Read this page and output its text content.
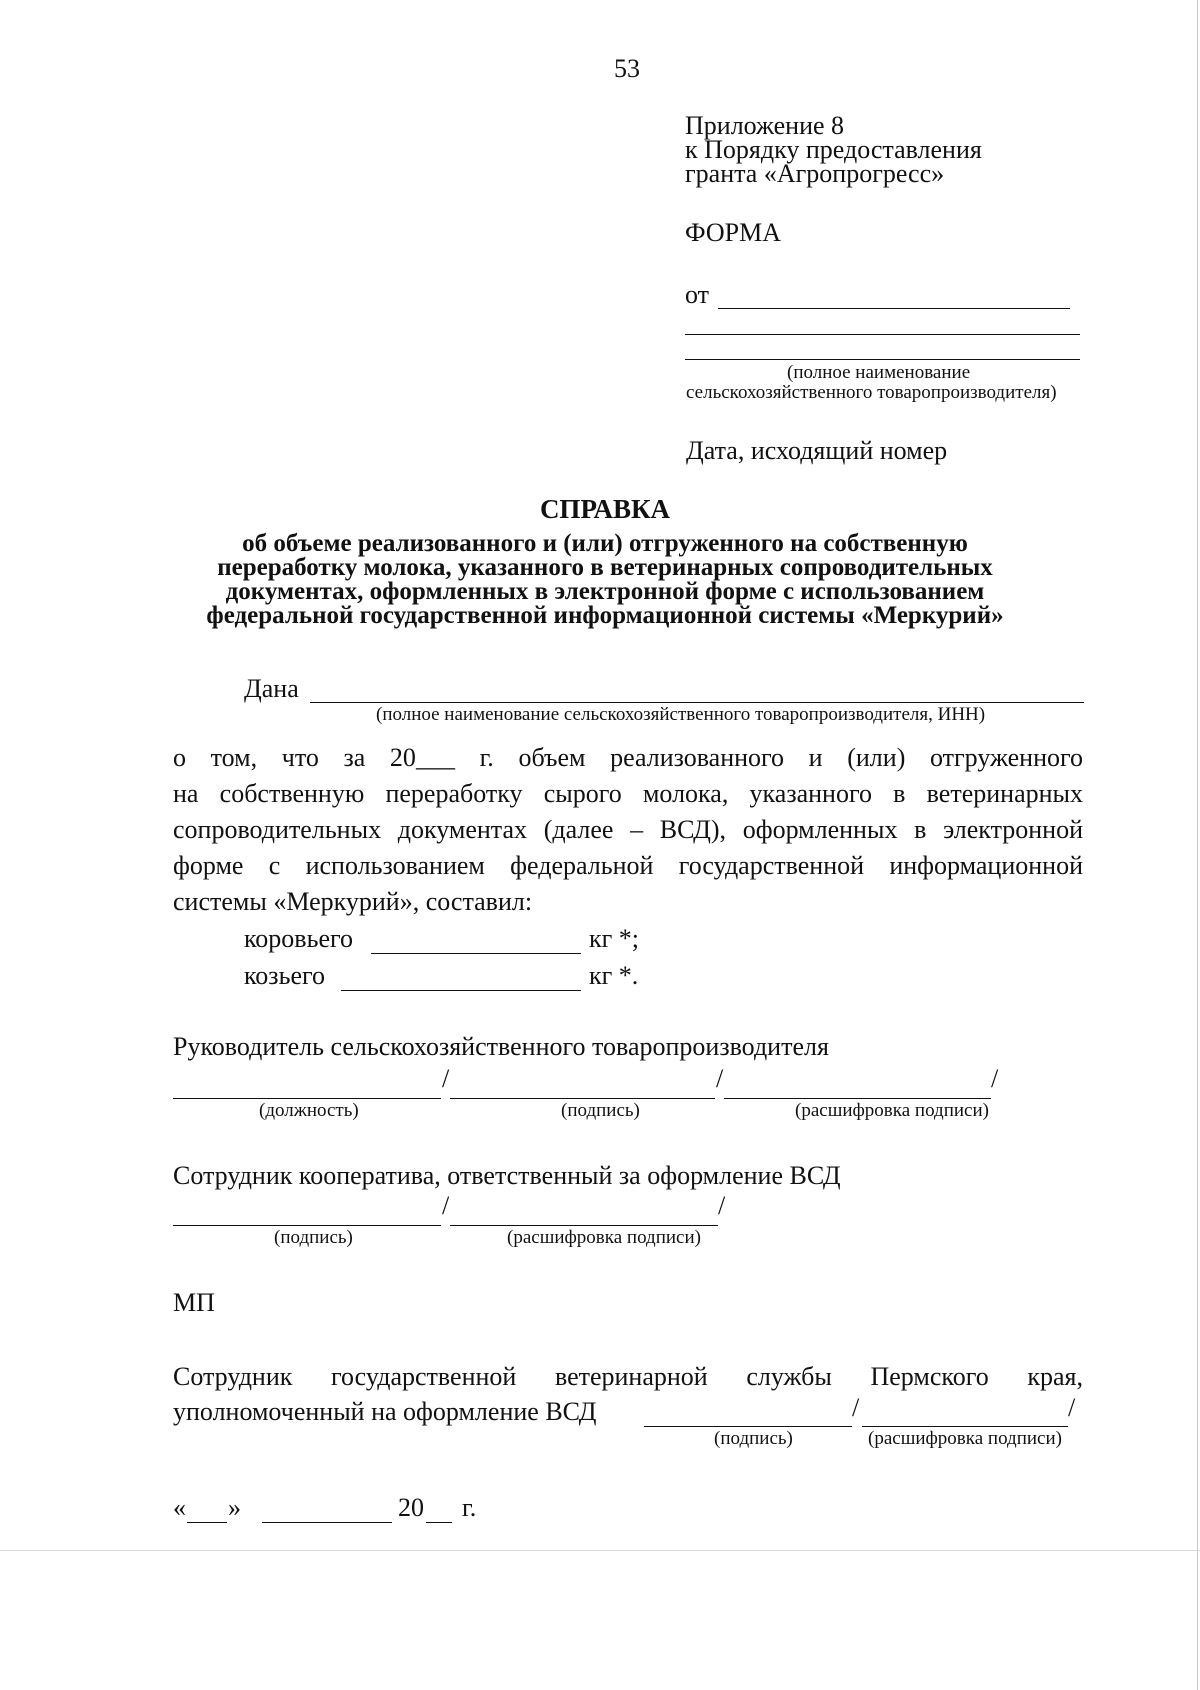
53
Приложение 8
к Порядку предоставления
гранта «Агропрогресс»
ФОРМА
от
(полное наименование
сельскохозяйственного товаропроизводителя)
Дата, исходящий номер
СПРАВКА
об объеме реализованного и (или) отгруженного на собственную
переработку молока, указанного в ветеринарных сопроводительных
документах, оформленных в электронной форме с использованием
федеральной государственной информационной системы «Меркурий»
Дана
(полное наименование сельскохозяйственного товаропроизводителя, ИНН)
о том, что за 20___ г. объем реализованного и (или) отгруженного
на собственную переработку сырого молока, указанного в ветеринарных
сопроводительных документах (далее – ВСД), оформленных в электронной
форме с использованием федеральной государственной информационной
системы «Меркурий», составил:
коровьего	кг *;
козьего	кг *.
Руководитель сельскохозяйственного товаропроизводителя
/	/	/
(должность)	(подпись)	(расшифровка подписи)
Сотрудник кооператива, ответственный за оформление ВСД
/	/
(подпись)	(расшифровка подписи)
МП
Сотрудник государственной ветеринарной службы Пермского края,
уполномоченный на оформление ВСД	/	/
(подпись)	(расшифровка подписи)
« »	20 г.
